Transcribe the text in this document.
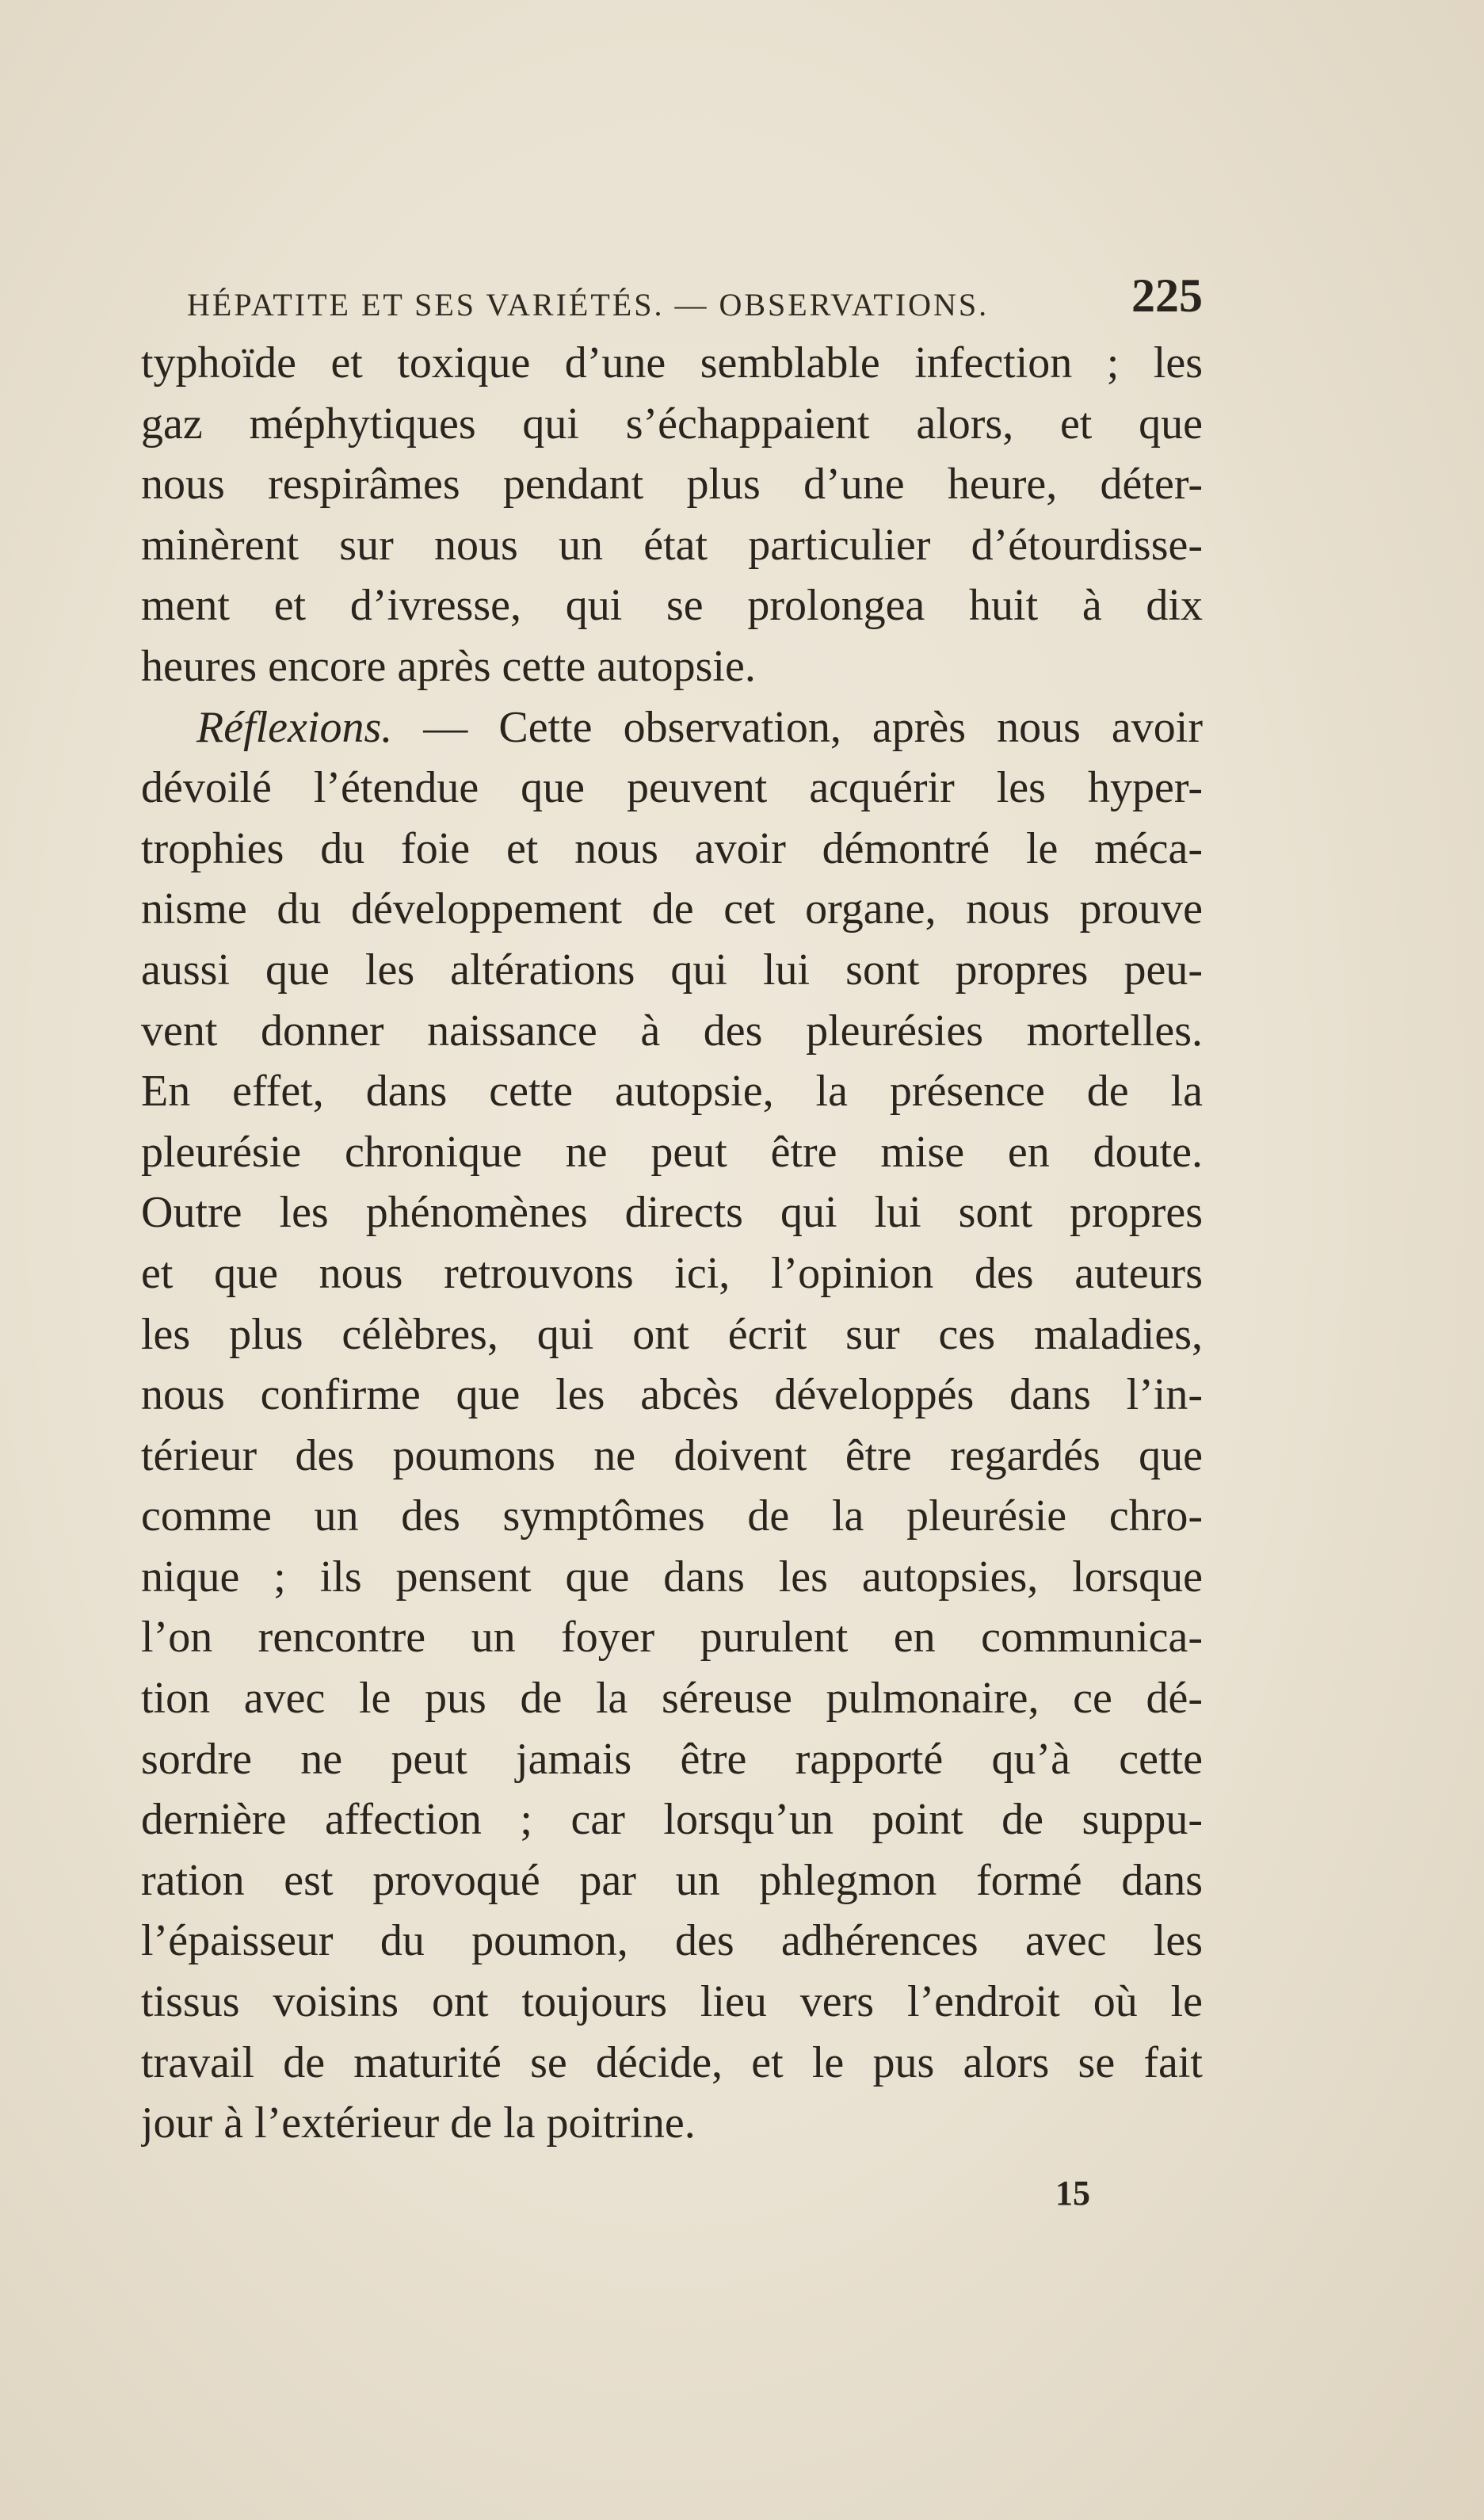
HÉPATITE ET SES VARIÉTÉS. — OBSERVATIONS.	225
typhoïde et toxique d’une semblable infection ; les
gaz méphytiques qui s’échappaient alors, et que
nous respirâmes pendant plus d’une heure, déter-
minèrent sur nous un état particulier d’étourdisse-
ment et d’ivresse, qui se prolongea huit à dix
heures encore après cette autopsie.
Réflexions. — Cette observation, après nous avoir
dévoilé l’étendue que peuvent acquérir les hyper-
trophies du foie et nous avoir démontré le méca-
nisme du développement de cet organe, nous prouve
aussi que les altérations qui lui sont propres peu-
vent donner naissance à des pleurésies mortelles.
En effet, dans cette autopsie, la présence de la
pleurésie chronique ne peut être mise en doute.
Outre les phénomènes directs qui lui sont propres
et que nous retrouvons ici, l’opinion des auteurs
les plus célèbres, qui ont écrit sur ces maladies,
nous confirme que les abcès développés dans l’in-
térieur des poumons ne doivent être regardés que
comme un des symptômes de la pleurésie chro-
nique ; ils pensent que dans les autopsies, lorsque
l’on rencontre un foyer purulent en communica-
tion avec le pus de la séreuse pulmonaire, ce dé-
sordre ne peut jamais être rapporté qu’à cette
dernière affection ; car lorsqu’un point de suppu-
ration est provoqué par un phlegmon formé dans
l’épaisseur du poumon, des adhérences avec les
tissus voisins ont toujours lieu vers l’endroit où le
travail de maturité se décide, et le pus alors se fait
jour à l’extérieur de la poitrine.
15
